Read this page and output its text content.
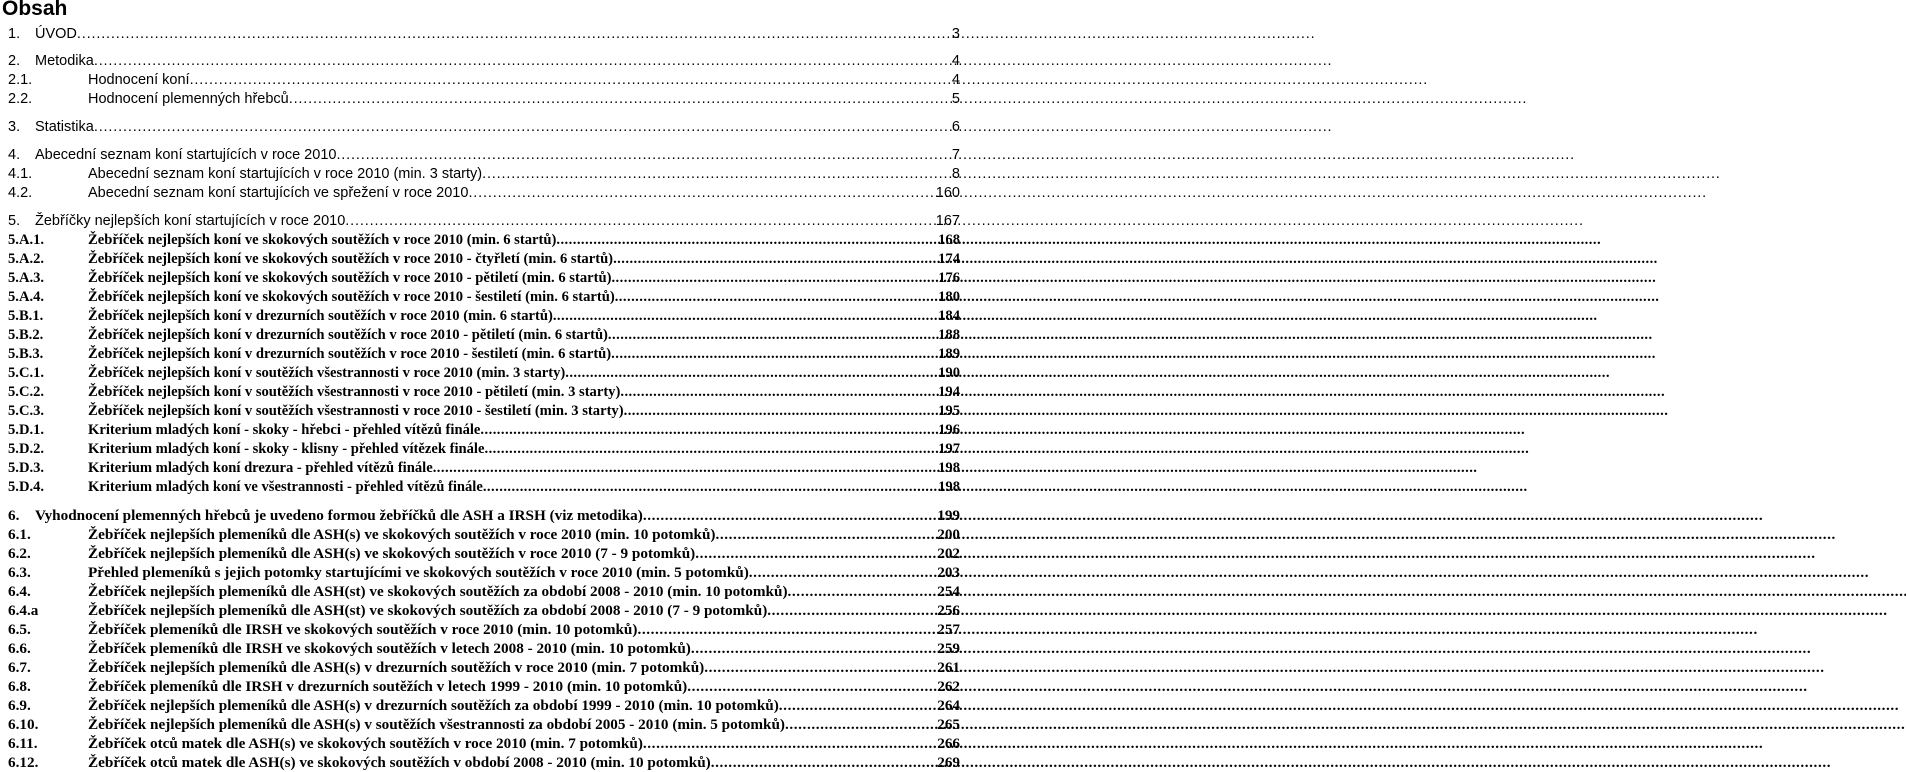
Obsah
1.	ÚVOD . . .	3
2.	Metodika . . .	4
2.1.	Hodnocení koní . . .	4
2.2.	Hodnocení plemenných hřebců . . .	5
3.	Statistika . . .	6
4.	Abecední seznam koní startujících v roce 2010 . . .	7
4.1.	Abecední seznam koní startujících v roce 2010 (min. 3 starty) . . .	8
4.2.	Abecední seznam koní startujících ve spřežení v roce 2010 . . .	160
5.	Žebříčky nejlepších koní startujících v roce 2010 . . .	167
5.A.1.	Žebříček nejlepších koní ve skokových soutěžích v roce 2010 (min. 6 startů) . . .	168
5.A.2.	Žebříček nejlepších koní ve skokových soutěžích v roce 2010 - čtyřletí (min. 6 startů) . . .	174
5.A.3.	Žebříček nejlepších koní ve skokových soutěžích v roce 2010 - pětiletí (min. 6 startů) . . .	176
5.A.4.	Žebříček nejlepších koní ve skokových soutěžích v roce 2010 - šestiletí (min. 6 startů) . . .	180
5.B.1.	Žebříček nejlepších koní v drezurních soutěžích v roce 2010 (min. 6 startů) . . .	184
5.B.2.	Žebříček nejlepších koní v drezurních soutěžích v roce 2010 - pětiletí (min. 6 startů) . . .	188
5.B.3.	Žebříček nejlepších koní v drezurních soutěžích v roce 2010 - šestiletí (min. 6 startů) . . .	189
5.C.1.	Žebříček nejlepších koní v soutěžích všestrannosti v roce 2010 (min. 3 starty) . . .	190
5.C.2.	Žebříček nejlepších koní v soutěžích všestrannosti v roce 2010 - pětiletí (min. 3 starty) . . .	194
5.C.3.	Žebříček nejlepších koní v soutěžích všestrannosti v roce 2010 - šestiletí (min. 3 starty) . . .	195
5.D.1.	Kriterium mladých koní - skoky - hřebci - přehled vítězů finále . . .	196
5.D.2.	Kriterium mladých koní - skoky - klisny - přehled vítězek finále . . .	197
5.D.3.	Kriterium mladých koní drezura - přehled vítězů finále . . .	198
5.D.4.	Kriterium mladých koní ve všestrannosti - přehled vítězů finále . . .	198
6.	Vyhodnocení plemenných hřebců je uvedeno formou žebříčků dle ASH a IRSH (viz metodika) . . .	199
6.1.	Žebříček nejlepších plemeníků dle ASH(s) ve skokových soutěžích v roce 2010 (min. 10 potomků) . . .	200
6.2.	Žebříček nejlepších plemeníků dle ASH(s) ve skokových soutěžích v roce 2010 (7 - 9 potomků) . . .	202
6.3.	Přehled plemeníků s jejich potomky startujícími ve skokových soutěžích v roce 2010 (min. 5 potomků) . . .	203
6.4.	Žebříček nejlepších plemeníků dle ASH(st) ve skokových soutěžích za období 2008 - 2010 (min. 10 potomků) . . .	254
6.4.a	Žebříček nejlepších plemeníků dle ASH(st) ve skokových soutěžích za období 2008 - 2010 (7 - 9 potomků) . . .	256
6.5.	Žebříček plemeníků dle IRSH ve skokových soutěžích v roce 2010 (min. 10 potomků) . . .	257
6.6.	Žebříček plemeníků dle IRSH ve skokových soutěžích v letech 2008 - 2010 (min. 10 potomků) . . .	259
6.7.	Žebříček nejlepších plemeníků dle ASH(s) v drezurních soutěžích v roce 2010 (min. 7 potomků) . . .	261
6.8.	Žebříček plemeníků dle IRSH v drezurních soutěžích v letech 1999 - 2010 (min. 10 potomků) . . .	262
6.9.	Žebříček nejlepších plemeníků dle ASH(s) v drezurních soutěžích za období 1999 - 2010 (min. 10 potomků) . . .	264
6.10.	Žebříček nejlepších plemeníků dle ASH(s) v soutěžích všestrannosti za období 2005 - 2010 (min. 5 potomků) . . .	265
6.11.	Žebříček otců matek dle ASH(s) ve skokových soutěžích v roce 2010 (min. 7 potomků) . . .	266
6.12.	Žebříček otců matek dle ASH(s) ve skokových soutěžích v období 2008 - 2010 (min. 10 potomků) . . .	269
